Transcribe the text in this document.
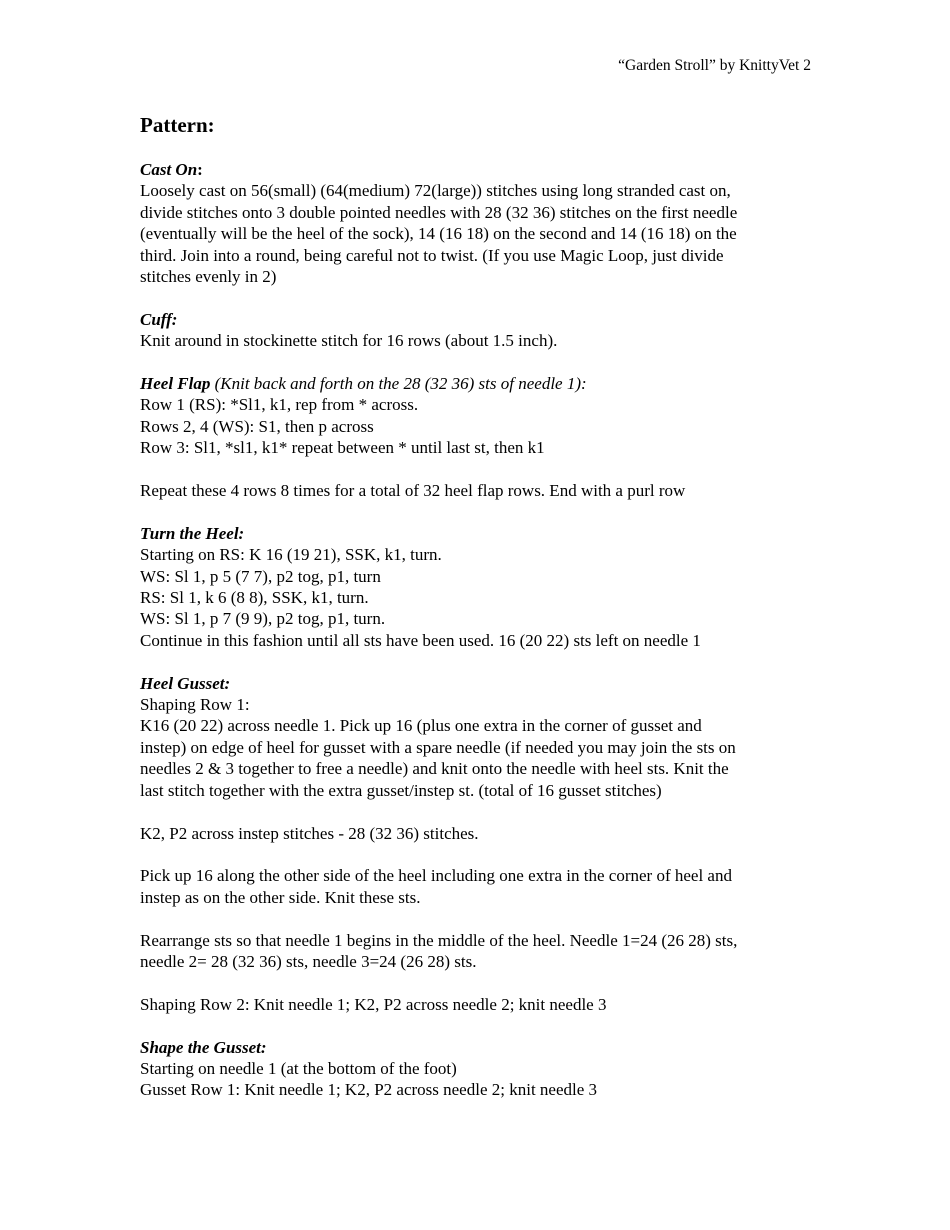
“Garden Stroll” by KnittyVet 2
Pattern:
Cast On:
Loosely cast on 56(small) (64(medium) 72(large)) stitches using long stranded cast on,
divide stitches onto 3 double pointed needles with 28 (32 36) stitches on the first needle
(eventually will be the heel of the sock), 14 (16 18) on the second and 14 (16 18) on the
third. Join into a round, being careful not to twist. (If you use Magic Loop, just divide
stitches evenly in 2)
Cuff:
Knit around in stockinette stitch for 16 rows (about 1.5 inch).
Heel Flap (Knit back and forth on the 28 (32 36) sts of needle 1):
Row 1 (RS): *Sl1, k1, rep from * across.
Rows 2, 4 (WS): S1, then p across
Row 3: Sl1, *sl1, k1* repeat between * until last st, then k1
Repeat these 4 rows 8 times for a total of 32 heel flap rows. End with a purl row
Turn the Heel:
Starting on RS: K 16 (19 21), SSK, k1, turn.
WS: Sl 1, p 5 (7 7), p2 tog, p1, turn
RS: Sl 1, k 6 (8 8), SSK, k1, turn.
WS: Sl 1, p 7 (9 9), p2 tog, p1, turn.
Continue in this fashion until all sts have been used. 16 (20 22) sts left on needle 1
Heel Gusset:
Shaping Row 1:
K16 (20 22) across needle 1. Pick up 16 (plus one extra in the corner of gusset and
instep) on edge of heel for gusset with a spare needle (if needed you may join the sts on
needles 2 & 3 together to free a needle) and knit onto the needle with heel sts. Knit the
last stitch together with the extra gusset/instep st. (total of 16 gusset stitches)
K2, P2 across instep stitches - 28 (32 36) stitches.
Pick up 16 along the other side of the heel including one extra in the corner of heel and
instep as on the other side. Knit these sts.
Rearrange sts so that needle 1 begins in the middle of the heel. Needle 1=24 (26 28) sts,
needle 2= 28 (32 36) sts, needle 3=24 (26 28) sts.
Shaping Row 2: Knit needle 1; K2, P2 across needle 2; knit needle 3
Shape the Gusset:
Starting on needle 1 (at the bottom of the foot)
Gusset Row 1: Knit needle 1; K2, P2 across needle 2; knit needle 3
